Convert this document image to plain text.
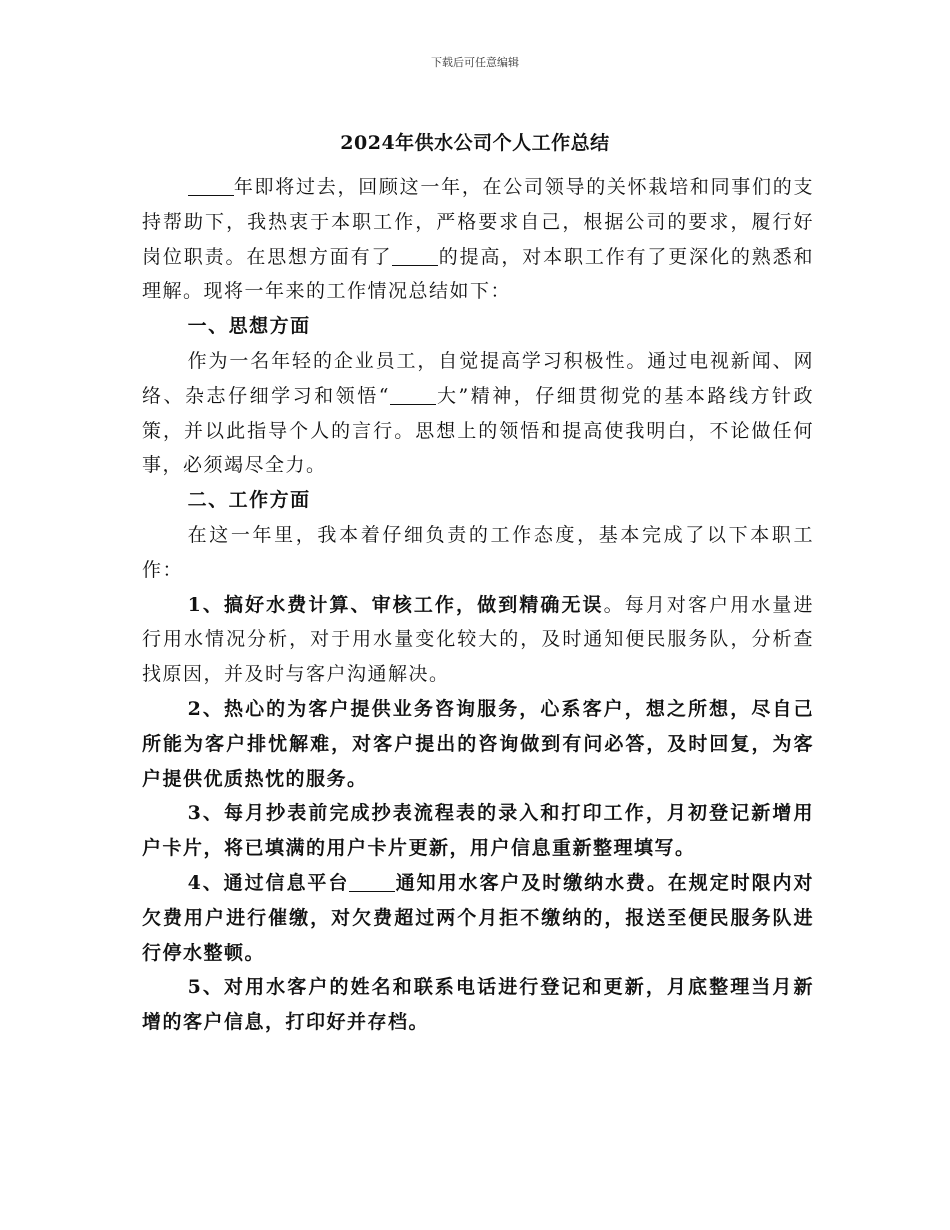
下载后可任意编辑
2024年供水公司个人工作总结

年即将过去，回顾这一年，在公司领导的关怀栽培和同事们的支持帮助下，我热衷于本职工作，严格要求自己，根据公司的要求，履行好岗位职责。在思想方面有了 的提高，对本职工作有了更深化的熟悉和理解。现将一年来的工作情况总结如下：

一、思想方面

作为一名年轻的企业员工，自觉提高学习积极性。通过电视新闻、网络、杂志仔细学习和领悟“ 大”精神，仔细贯彻党的基本路线方针政策，并以此指导个人的言行。思想上的领悟和提高使我明白，不论做任何事，必须竭尽全力。

二、工作方面

在这一年里，我本着仔细负责的工作态度，基本完成了以下本职工作：

1、搞好水费计算、审核工作，做到精确无误。每月对客户用水量进行用水情况分析，对于用水量变化较大的，及时通知便民服务队，分析查找原因，并及时与客户沟通解决。

2、热心的为客户提供业务咨询服务，心系客户，想之所想，尽自己所能为客户排忧解难，对客户提出的咨询做到有问必答，及时回复，为客户提供优质热忱的服务。

3、每月抄表前完成抄表流程表的录入和打印工作，月初登记新增用户卡片，将已填满的用户卡片更新，用户信息重新整理填写。

4、通过信息平台 通知用水客户及时缴纳水费。在规定时限内对欠费用户进行催缴，对欠费超过两个月拒不缴纳的，报送至便民服务队进行停水整顿。

5、对用水客户的姓名和联系电话进行登记和更新，月底整理当月新增的客户信息，打印好并存档。
